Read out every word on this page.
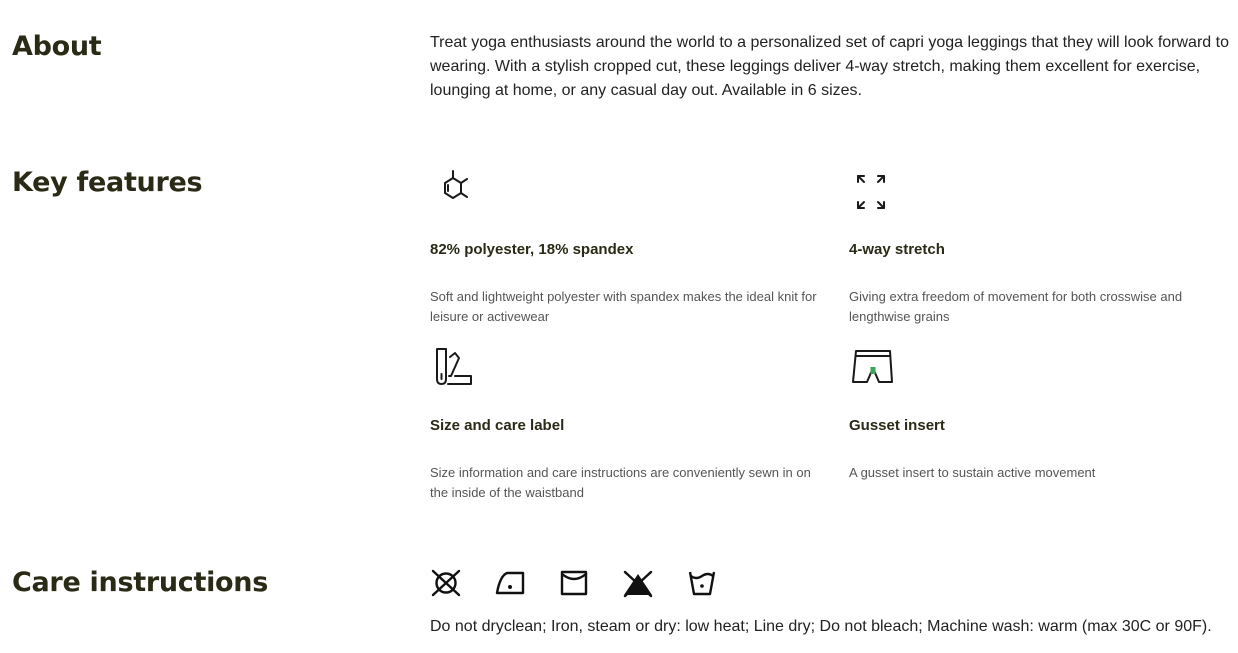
About	Treat yoga enthusiasts around the world to a personalized set of capri yoga leggings that they will look forward to wearing. With a stylish cropped cut, these leggings deliver 4-way stretch, making them excellent for exercise, lounging at home, or any casual day out. Available in 6 sizes.

Key features
82% polyester, 18% spandex

Soft and lightweight polyester with spandex makes the ideal knit for leisure or activewear

4-way stretch

Giving extra freedom of movement for both crosswise and lengthwise grains

Size and care label

Size information and care instructions are conveniently sewn in on the inside of the waistband

Gusset insert

A gusset insert to sustain active movement

Care instructions

Do not dryclean; Iron, steam or dry: low heat; Line dry; Do not bleach; Machine wash: warm (max 30C or 90F).
